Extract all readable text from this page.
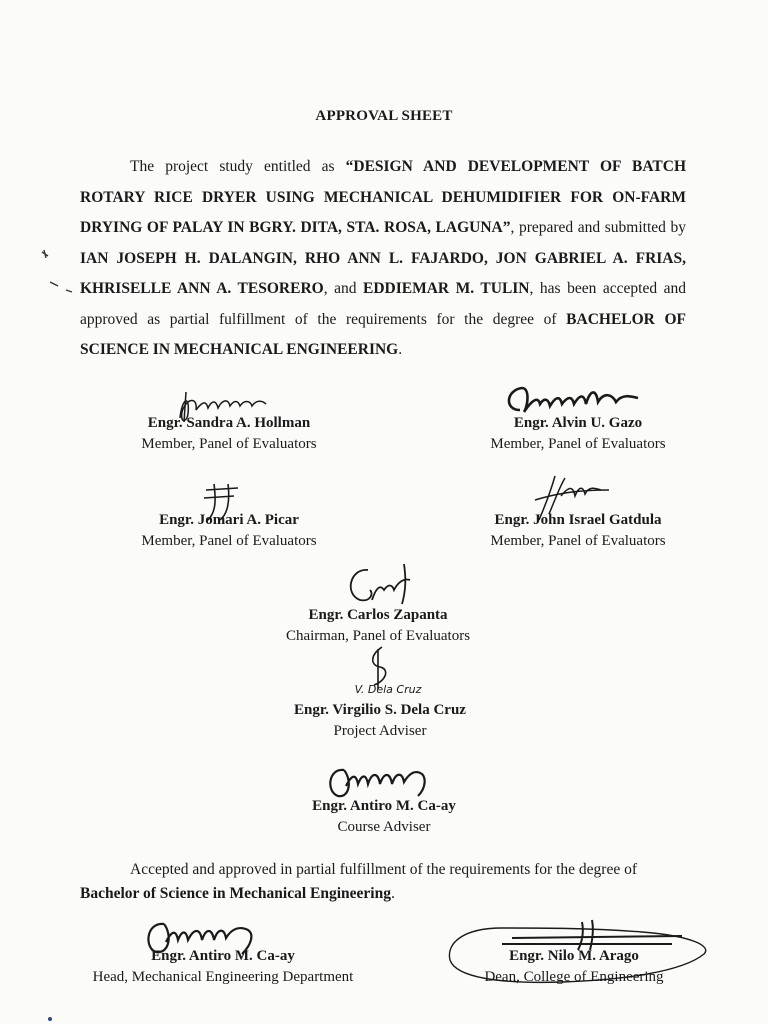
APPROVAL SHEET
The project study entitled as “DESIGN AND DEVELOPMENT OF BATCH ROTARY RICE DRYER USING MECHANICAL DEHUMIDIFIER FOR ON-FARM DRYING OF PALAY IN BGRY. DITA, STA. ROSA, LAGUNA”, prepared and submitted by IAN JOSEPH H. DALANGIN, RHO ANN L. FAJARDO, JON GABRIEL A. FRIAS, KHRISELLE ANN A. TESORERO, and EDDIEMAR M. TULIN, has been accepted and approved as partial fulfillment of the requirements for the degree of BACHELOR OF SCIENCE IN MECHANICAL ENGINEERING.
Engr. Sandra A. Hollman
Member, Panel of Evaluators
Engr. Alvin U. Gazo
Member, Panel of Evaluators
Engr. Jomari A. Picar
Member, Panel of Evaluators
Engr. John Israel Gatdula
Member, Panel of Evaluators
Engr. Carlos Zapanta
Chairman, Panel of Evaluators
V. Dela Cruz
Engr. Virgilio S. Dela Cruz
Project Adviser
Engr. Antiro M. Ca-ay
Course Adviser
Accepted and approved in partial fulfillment of the requirements for the degree of Bachelor of Science in Mechanical Engineering.
Engr. Antiro M. Ca-ay
Head, Mechanical Engineering Department
Engr. Nilo M. Arago
Dean, College of Engineering
